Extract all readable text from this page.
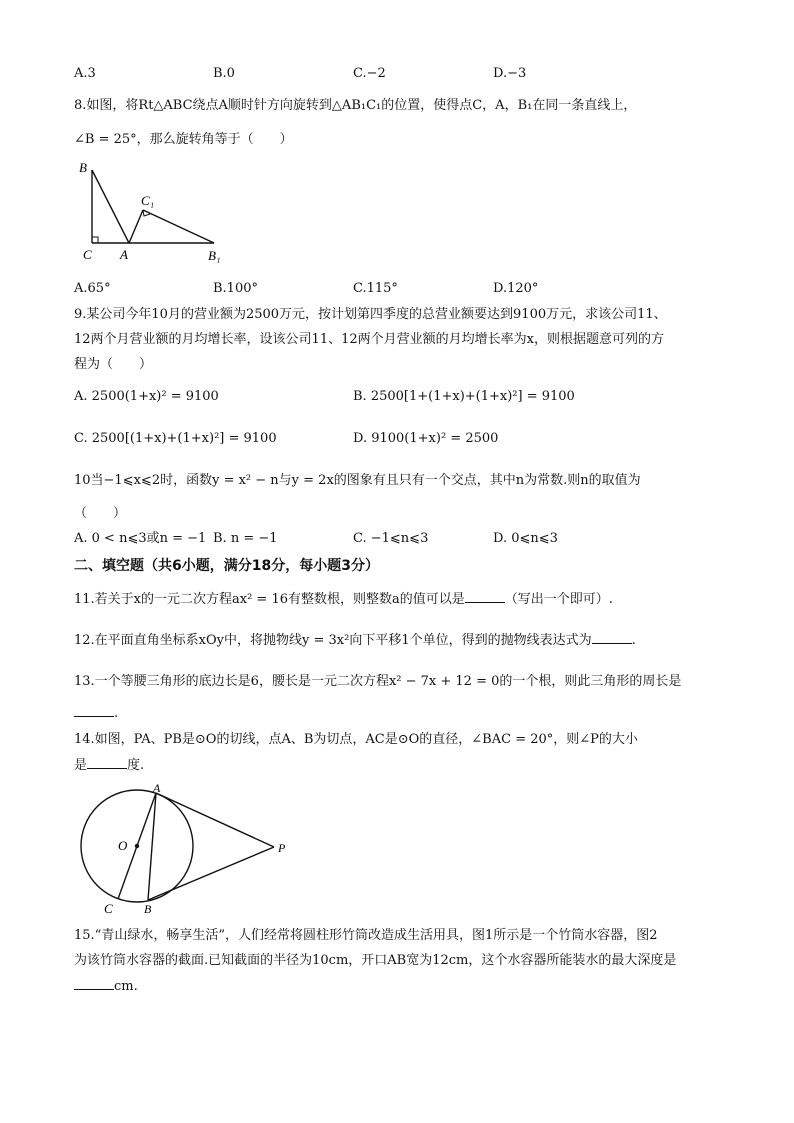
A.3	B.0	C.−2	D.−3
8.如图，将Rt△ABC绕点A顺时针方向旋转到△AB₁C₁的位置，使得点C，A，B₁在同一条直线上，
∠B = 25°，那么旋转角等于（　　）
B
C₁
C A	B₁
A.65°	B.100°	C.115°	D.120°
9.某公司今年10月的营业额为2500万元，按计划第四季度的总营业额要达到9100万元，求该公司11、
12两个月营业额的月均增长率，设该公司11、12两个月营业额的月均增长率为x，则根据题意可列的方
程为（　　）
A. 2500(1+x)² = 9100	B. 2500[1+(1+x)+(1+x)²] = 9100
C. 2500[(1+x)+(1+x)²] = 9100	D. 9100(1+x)² = 2500
10当−1⩽x⩽2时，函数y = x² − n与y = 2x的图象有且只有一个交点，其中n为常数.则n的取值为
（　　）
A. 0 < n⩽3或n = −1 B. n = −1	C. −1⩽n⩽3	D. 0⩽n⩽3
二、填空题（共6小题，满分18分，每小题3分）
11.若关于x的一元二次方程ax² = 16有整数根，则整数a的值可以是	（写出一个即可）.
12.在平面直角坐标系xOy中，将抛物线y = 3x²向下平移1个单位，得到的抛物线表达式为	.
13.一个等腰三角形的底边长是6，腰长是一元二次方程x² − 7x + 12 = 0的一个根，则此三角形的周长是
.
14.如图，PA、PB是⊙O的切线，点A、B为切点，AC是⊙O的直径，∠BAC = 20°，则∠P的大小
是	度.
A
O	P
C	B
15.“青山绿水，畅享生活”，人们经常将圆柱形竹筒改造成生活用具，图1所示是一个竹筒水容器，图2
为该竹筒水容器的截面.已知截面的半径为10cm，开口AB宽为12cm，这个水容器所能装水的最大深度是
cm.
